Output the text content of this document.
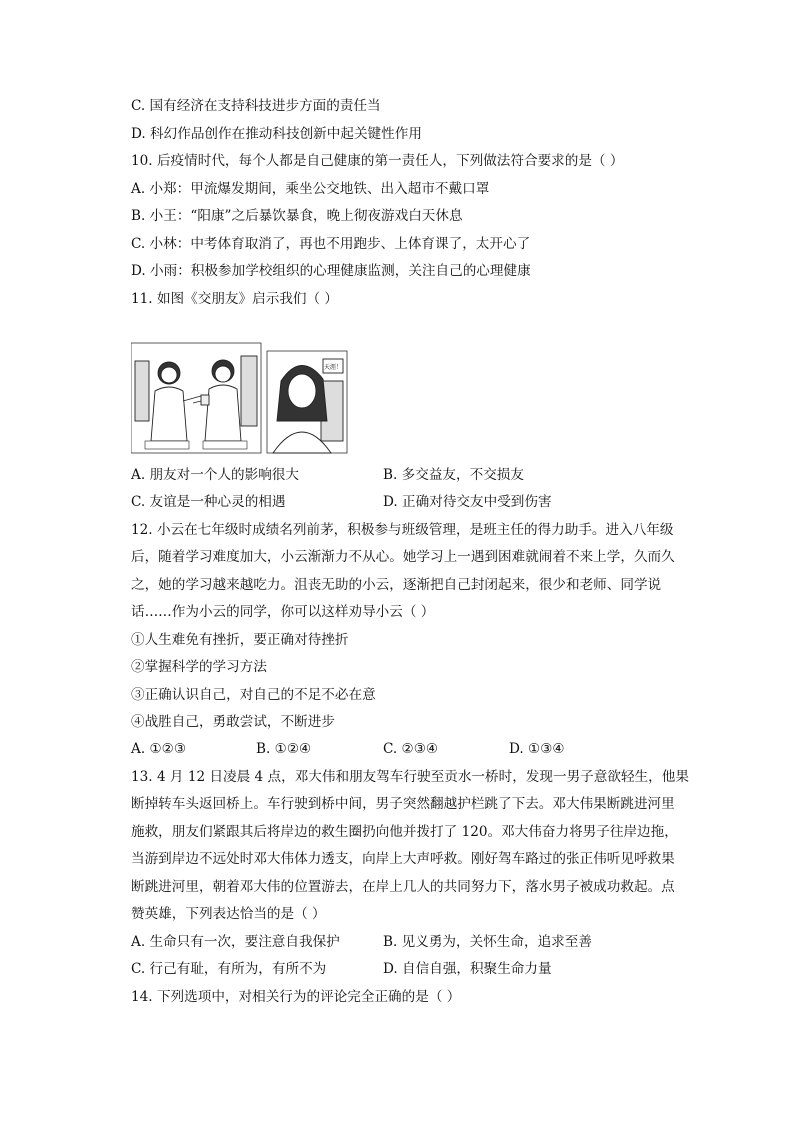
C. 国有经济在支持科技进步方面的责任当
D. 科幻作品创作在推动科技创新中起关键性作用
10. 后疫情时代，每个人都是自己健康的第一责任人，下列做法符合要求的是（ ）
A. 小郑：甲流爆发期间，乘坐公交地铁、出入超市不戴口罩
B. 小王：“阳康”之后暴饮暴食，晚上彻夜游戏白天休息
C. 小林：中考体育取消了，再也不用跑步、上体育课了，太开心了
D. 小雨：积极参加学校组织的心理健康监测，关注自己的心理健康
11. 如图《交朋友》启示我们（ ）
天涯！
A. 朋友对一个人的影响很大	B. 多交益友，不交损友
C. 友谊是一种心灵的相遇	D. 正确对待交友中受到伤害
12. 小云在七年级时成绩名列前茅，积极参与班级管理，是班主任的得力助手。进入八年级
后，随着学习难度加大，小云渐渐力不从心。她学习上一遇到困难就闹着不来上学，久而久
之，她的学习越来越吃力。沮丧无助的小云，逐渐把自己封闭起来，很少和老师、同学说
话……作为小云的同学，你可以这样劝导小云（ ）
①人生难免有挫折，要正确对待挫折
②掌握科学的学习方法
③正确认识自己，对自己的不足不必在意
④战胜自己，勇敢尝试，不断进步
A. ①②③	B. ①②④	C. ②③④	D. ①③④
13. 4 月 12 日凌晨 4 点，邓大伟和朋友驾车行驶至贡水一桥时，发现一男子意欲轻生，他果
断掉转车头返回桥上。车行驶到桥中间，男子突然翻越护栏跳了下去。邓大伟果断跳进河里
施救，朋友们紧跟其后将岸边的救生圈扔向他并拨打了 120。邓大伟奋力将男子往岸边拖，
当游到岸边不远处时邓大伟体力透支，向岸上大声呼救。刚好驾车路过的张正伟听见呼救果
断跳进河里，朝着邓大伟的位置游去，在岸上几人的共同努力下，落水男子被成功救起。点
赞英雄，下列表达恰当的是（ ）
A. 生命只有一次，要注意自我保护	B. 见义勇为，关怀生命，追求至善
C. 行己有耻，有所为，有所不为	D. 自信自强，积聚生命力量
14. 下列选项中，对相关行为的评论完全正确的是（ ）
